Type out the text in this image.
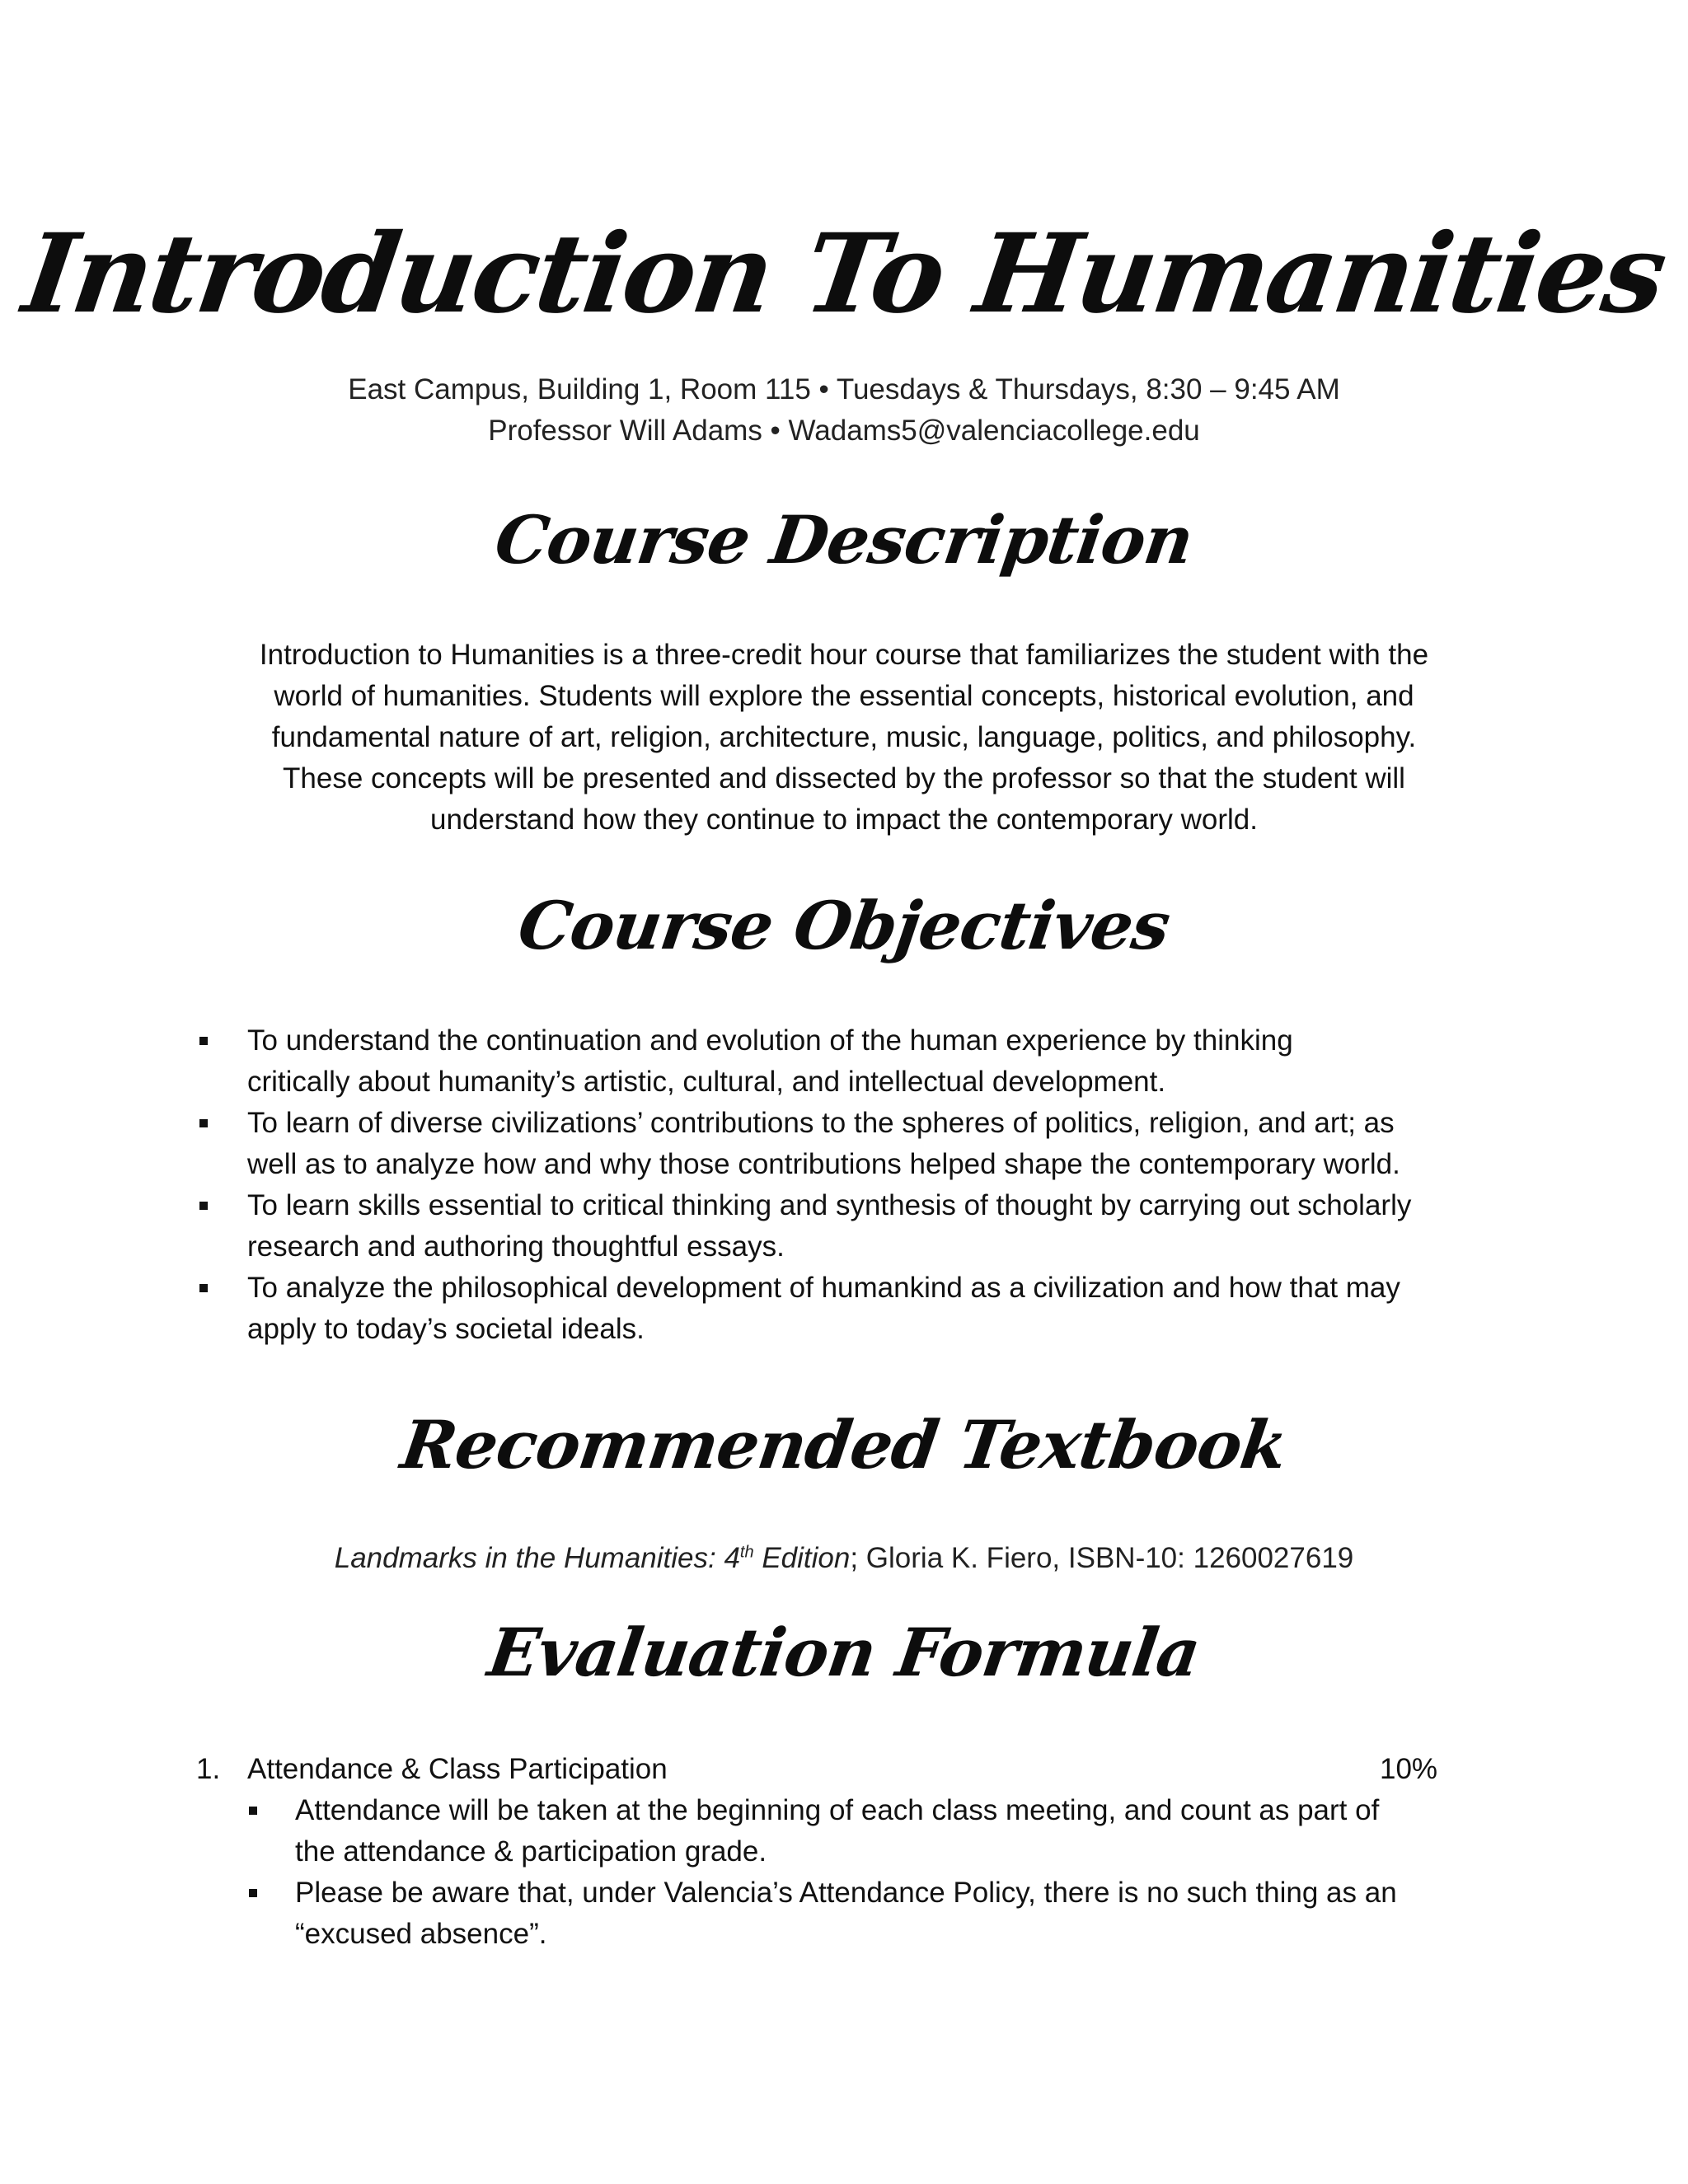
Introduction To Humanities
East Campus, Building 1, Room 115 • Tuesdays & Thursdays, 8:30 – 9:45 AM
Professor Will Adams • Wadams5@valenciacollege.edu
Course Description
Introduction to Humanities is a three-credit hour course that familiarizes the student with the
world of humanities. Students will explore the essential concepts, historical evolution, and
fundamental nature of art, religion, architecture, music, language, politics, and philosophy.
These concepts will be presented and dissected by the professor so that the student will
understand how they continue to impact the contemporary world.
Course Objectives
To understand the continuation and evolution of the human experience by thinking
critically about humanity’s artistic, cultural, and intellectual development.
To learn of diverse civilizations’ contributions to the spheres of politics, religion, and art; as
well as to analyze how and why those contributions helped shape the contemporary world.
To learn skills essential to critical thinking and synthesis of thought by carrying out scholarly
research and authoring thoughtful essays.
To analyze the philosophical development of humankind as a civilization and how that may
apply to today’s societal ideals.
Recommended Textbook
Landmarks in the Humanities: 4th Edition; Gloria K. Fiero, ISBN-10: 1260027619
Evaluation Formula
1. Attendance & Class Participation	10%
Attendance will be taken at the beginning of each class meeting, and count as part of
the attendance & participation grade.
Please be aware that, under Valencia’s Attendance Policy, there is no such thing as an
“excused absence”.
